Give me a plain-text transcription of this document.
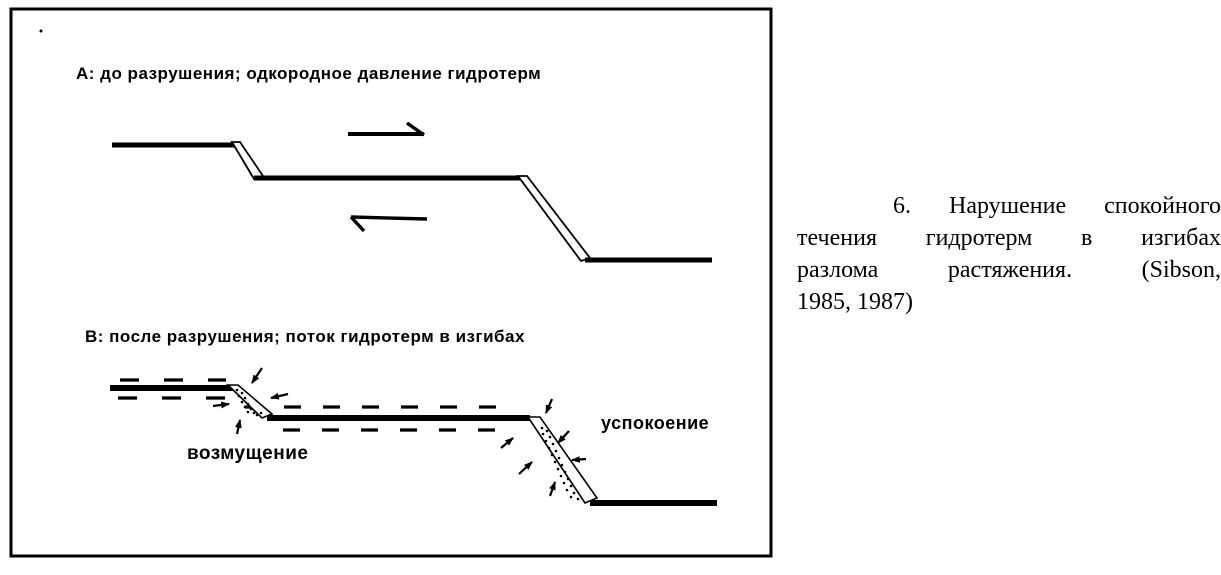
А: до разрушения; одкородное давление гидротерм
В: после разрушения; поток гидротерм в изгибах
возмущение
успокоение
6. Нарушение спокойного
течения гидротерм в изгибах
разлома растяжения. (Sibson,
1985, 1987)
